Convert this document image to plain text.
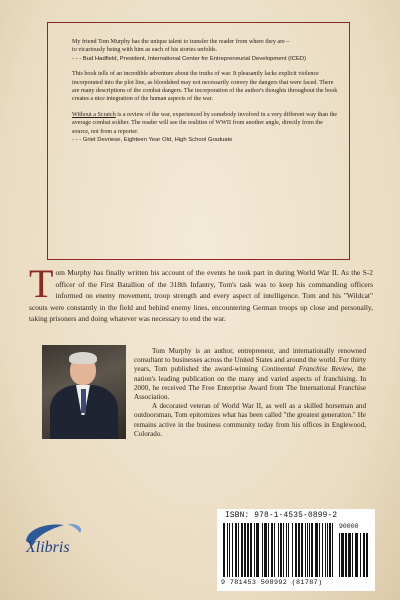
My friend Tom Murphy has the unique talent to transfer the reader from where they are –
to vicariously being with him as each of his stories unfolds.
- - - Bud Hadfield, President, International Center for Entrepreneurial Development (ICED)

This book tells of an incredible adventure about the truths of war. It pleasantly lacks explicit violence incorporated into the plot line, as bloodshed may not necessarily convey the dangers that were faced. There are many descriptions of the combat dangers. The incorporation of the author's thoughts throughout the book creates a nice integration of the human aspects of the war.

Without a Scratch is a review of the war, experienced by somebody involved in a very different way than the average combat soldier. The reader will see the realities of WWII from another angle, directly from the source, not from a reporter.
- - - Griet Devriese, Eighteen Year Old, High School Graduate

Tom Murphy has finally written his account of the events he took part in during World War II. As the S-2 officer of the First Batallion of the 318th Infantry, Tom's task was to keep his commanding officers informed on enemy movement, troop strength and every aspect of intelligence. Tom and his "Wildcat" scouts were constantly in the field and behind enemy lines, encountering German troops up close and personally, taking prisoners and doing whatever was necessary to end the war.

Tom Murphy is an author, entrepreneur, and internationally renowned consultant to businesses across the United States and around the world. For thirty years, Tom published the award-winning Continental Franchise Review, the nation's leading publication on the many and varied aspects of franchising. In 2000, he received The Free Enterprise Award from The International Franchise Association.

A decorated veteran of World War II, as well as a skilled horseman and outdoorsman, Tom epitomizes what has been called "the greatest generation." He remains active in the business community today from his offices in Englewood, Colorado.

Xlibris
ISBN: 978-1-4535-0899-2
90000
9 781453 508992 (81787)
